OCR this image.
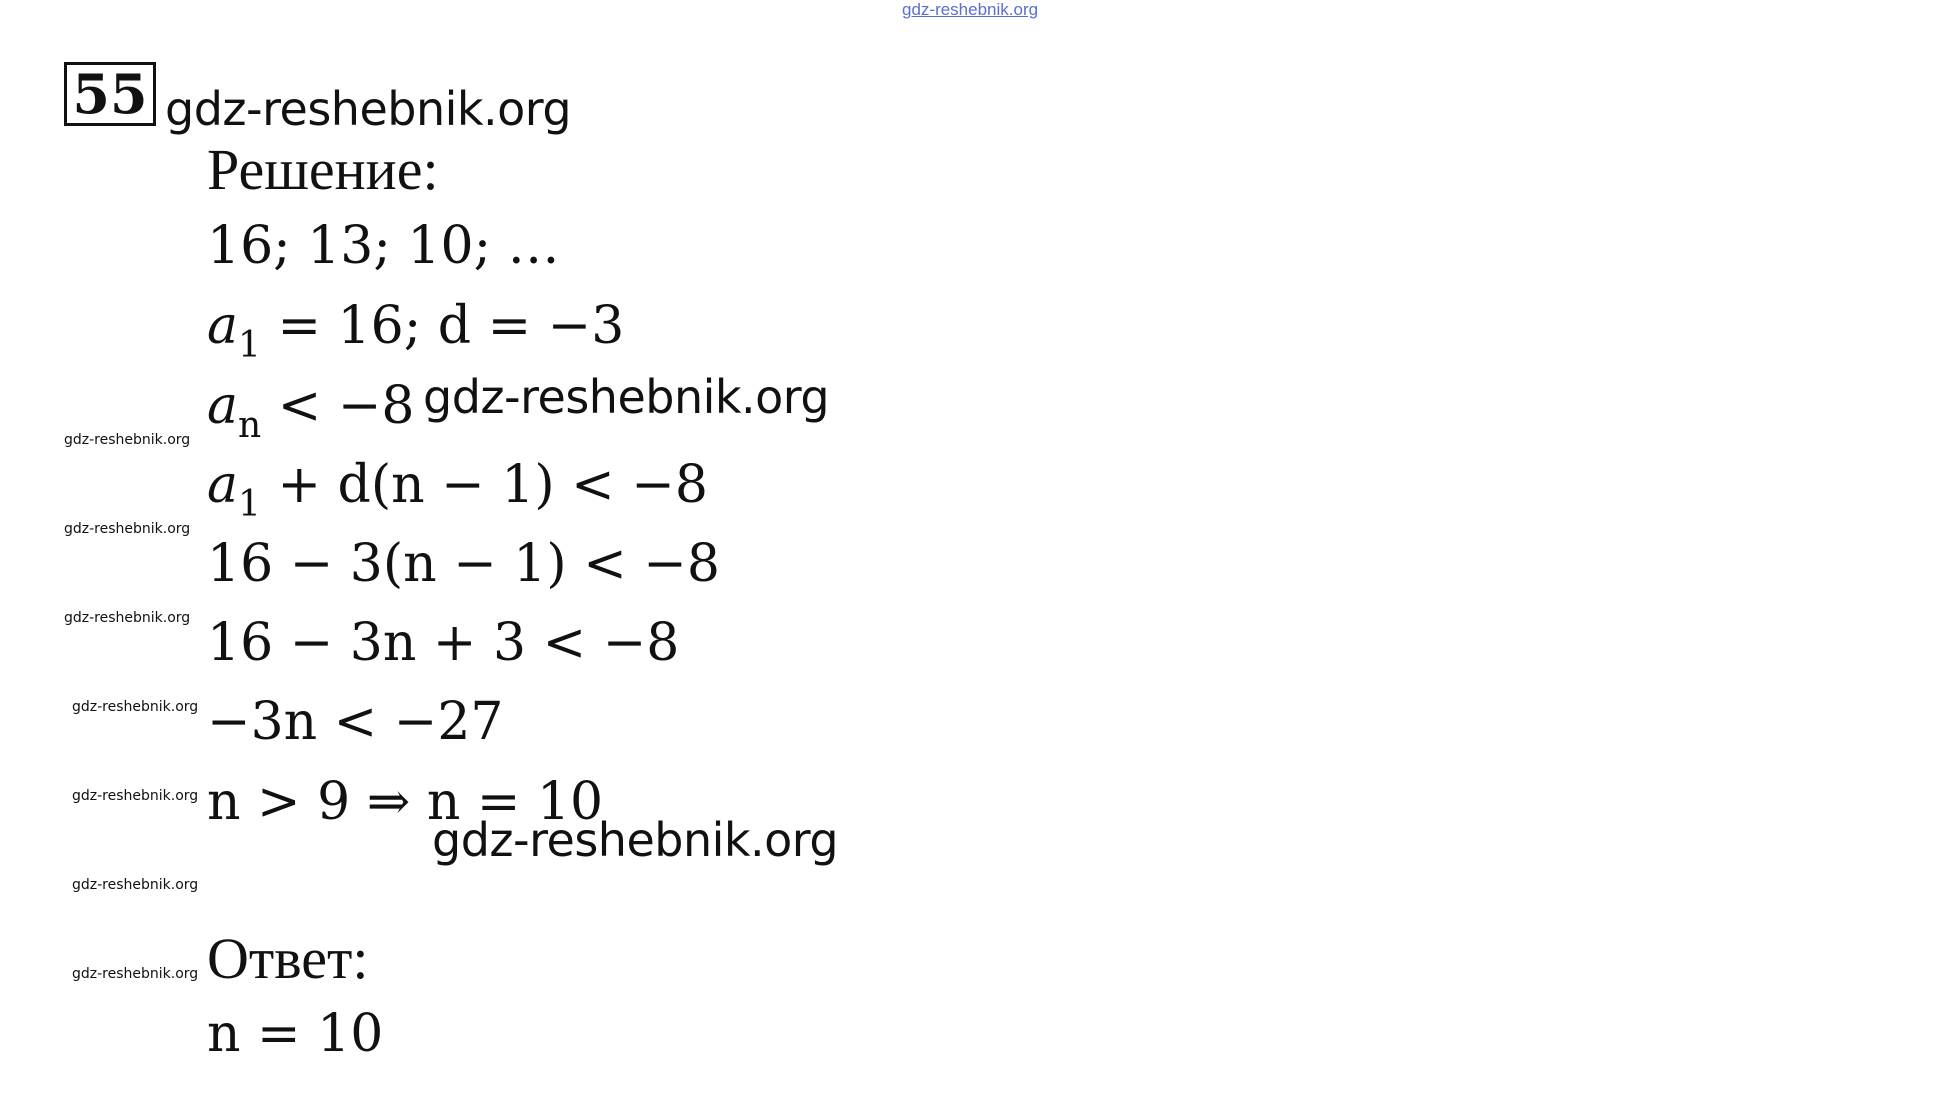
gdz-reshebnik.org
55 gdz-reshebnik.org
gdz-reshebnik.org
gdz-reshebnik.org
gdz-reshebnik.org
gdz-reshebnik.org
gdz-reshebnik.org
gdz-reshebnik.org
gdz-reshebnik.org
gdz-reshebnik.org
gdz-reshebnik.org
Решение:
16; 13; 10; …
$a_1 = 16$; d = −3
$a_n < -8$
$a_1 + d(n - 1) < -8$
16 − 3(n − 1) < −8
16 − 3n + 3 < −8
−3n < −27
n > 9 ⇒ n = 10
Ответ:
n = 10
